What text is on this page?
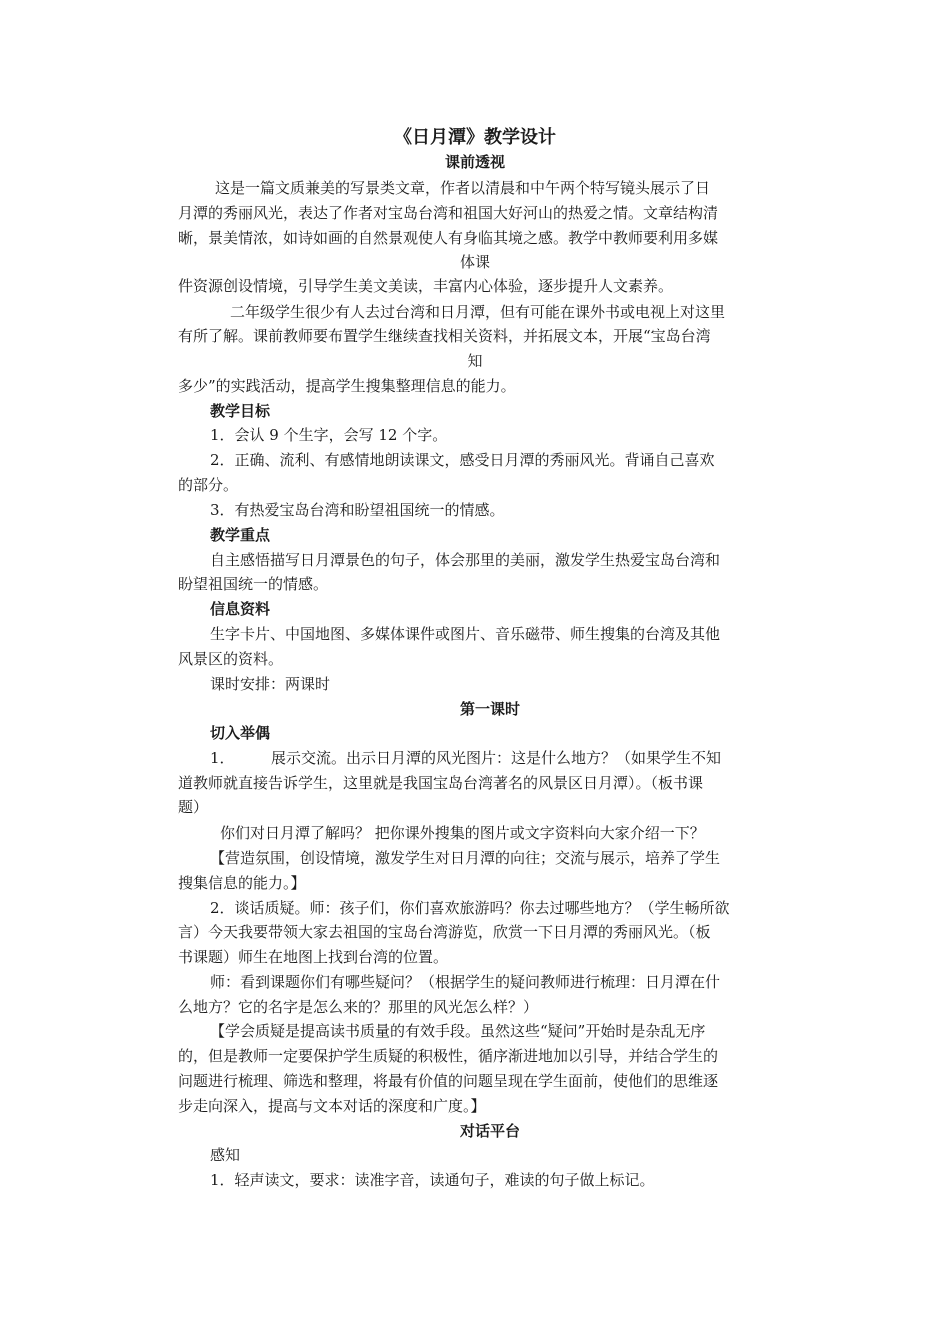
《日月潭》教学设计
课前透视
这是一篇文质兼美的写景类文章，作者以清晨和中午两个特写镜头展示了日
月潭的秀丽风光，表达了作者对宝岛台湾和祖国大好河山的热爱之情。文章结构清
晰，景美情浓，如诗如画的自然景观使人有身临其境之感。教学中教师要利用多媒
体课
件资源创设情境，引导学生美文美读，丰富内心体验，逐步提升人文素养。
二年级学生很少有人去过台湾和日月潭，但有可能在课外书或电视上对这里
有所了解。课前教师要布置学生继续查找相关资料，并拓展文本，开展“宝岛台湾
知
多少”的实践活动，提高学生搜集整理信息的能力。
教学目标
1．会认 9 个生字，会写 12 个字。
2．正确、流利、有感情地朗读课文，感受日月潭的秀丽风光。背诵自己喜欢
的部分。
3．有热爱宝岛台湾和盼望祖国统一的情感。
教学重点
自主感悟描写日月潭景色的句子，体会那里的美丽，激发学生热爱宝岛台湾和
盼望祖国统一的情感。
信息资料
生字卡片、中国地图、多媒体课件或图片、音乐磁带、师生搜集的台湾及其他
风景区的资料。
课时安排：两课时
第一课时
切入举偶
1． 展示交流。出示日月潭的风光图片：这是什么地方？（如果学生不知
道教师就直接告诉学生，这里就是我国宝岛台湾著名的风景区日月潭）。（板书课
题）
你们对日月潭了解吗？ 把你课外搜集的图片或文字资料向大家介绍一下？
【营造氛围，创设情境，激发学生对日月潭的向往；交流与展示，培养了学生
搜集信息的能力。】
2．谈话质疑。师：孩子们，你们喜欢旅游吗？你去过哪些地方？（学生畅所欲
言）今天我要带领大家去祖国的宝岛台湾游览，欣赏一下日月潭的秀丽风光。（板
书课题）师生在地图上找到台湾的位置。
师：看到课题你们有哪些疑问？（根据学生的疑问教师进行梳理：日月潭在什
么地方？它的名字是怎么来的？那里的风光怎么样？）
【学会质疑是提高读书质量的有效手段。虽然这些“疑问”开始时是杂乱无序
的，但是教师一定要保护学生质疑的积极性，循序渐进地加以引导，并结合学生的
问题进行梳理、筛选和整理，将最有价值的问题呈现在学生面前，使他们的思维逐
步走向深入，提高与文本对话的深度和广度。】
对话平台
感知
1．轻声读文，要求：读准字音，读通句子，难读的句子做上标记。
